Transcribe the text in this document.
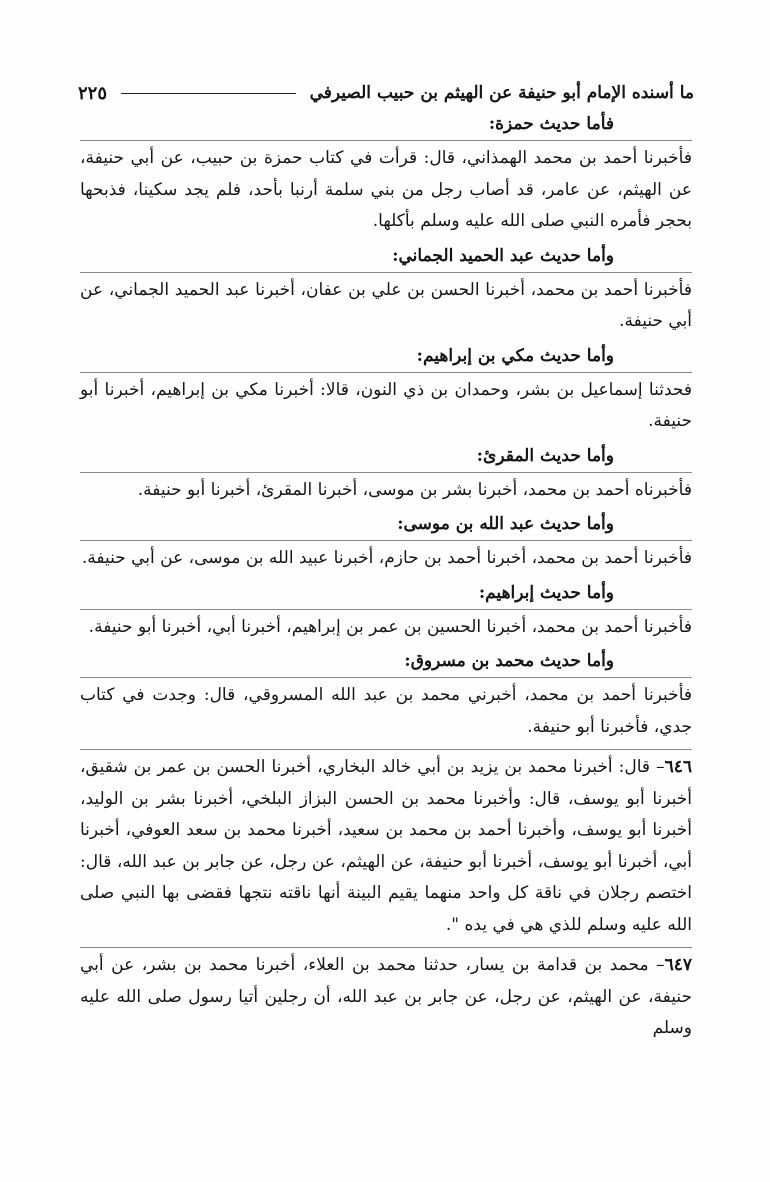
ما أسنده الإمام أبو حنيفة عن الهيثم بن حبيب الصيرفي
٢٢٥
فأما حديث حمزة:

فأخبرنا أحمد بن محمد الهمذاني، قال: قرأت في كتاب حمزة بن حبيب، عن أبي حنيفة، عن الهيثم، عن عامر، قد أصاب رجل من بني سلمة أرنبا بأحد، فلم يجد سكينا، فذبحها بحجر فأمره النبي صلى الله عليه وسلم بأكلها.

وأما حديث عبد الحميد الجماني:

فأخبرنا أحمد بن محمد، أخبرنا الحسن بن علي بن عفان، أخبرنا عبد الحميد الجماني، عن أبي حنيفة.

وأما حديث مكي بن إبراهيم:

فحدثنا إسماعيل بن بشر، وحمدان بن ذي النون، قالا: أخبرنا مكي بن إبراهيم، أخبرنا أبو حنيفة.

وأما حديث المقرئ:

فأخبرناه أحمد بن محمد، أخبرنا بشر بن موسى، أخبرنا المقرئ، أخبرنا أبو حنيفة.

وأما حديث عبد الله بن موسى:

فأخبرنا أحمد بن محمد، أخبرنا أحمد بن حازم، أخبرنا عبيد الله بن موسى، عن أبي حنيفة.

وأما حديث إبراهيم:

فأخبرنا أحمد بن محمد، أخبرنا الحسين بن عمر بن إبراهيم، أخبرنا أبي، أخبرنا أبو حنيفة.

وأما حديث محمد بن مسروق:

فأخبرنا أحمد بن محمد، أخبرني محمد بن عبد الله المسروقي، قال: وجدت في كتاب جدي، فأخبرنا أبو حنيفة.

٦٤٦– قال: أخبرنا محمد بن يزيد بن أبي خالد البخاري، أخبرنا الحسن بن عمر بن شقيق، أخبرنا أبو يوسف، قال: وأخبرنا محمد بن الحسن البزاز البلخي، أخبرنا بشر بن الوليد، أخبرنا أبو يوسف، وأخبرنا أحمد بن محمد بن سعيد، أخبرنا محمد بن سعد العوفي، أخبرنا أبي، أخبرنا أبو يوسف، أخبرنا أبو حنيفة، عن الهيثم، عن رجل، عن جابر بن عبد الله، قال: اختصم رجلان في ناقة كل واحد منهما يقيم البينة أنها ناقته نتجها فقضى بها النبي صلى الله عليه وسلم للذي هي في يده ".

٦٤٧– محمد بن قدامة بن يسار، حدثنا محمد بن العلاء، أخبرنا محمد بن بشر، عن أبي حنيفة، عن الهيثم، عن رجل، عن جابر بن عبد الله، أن رجلين أتيا رسول صلى الله عليه وسلم
